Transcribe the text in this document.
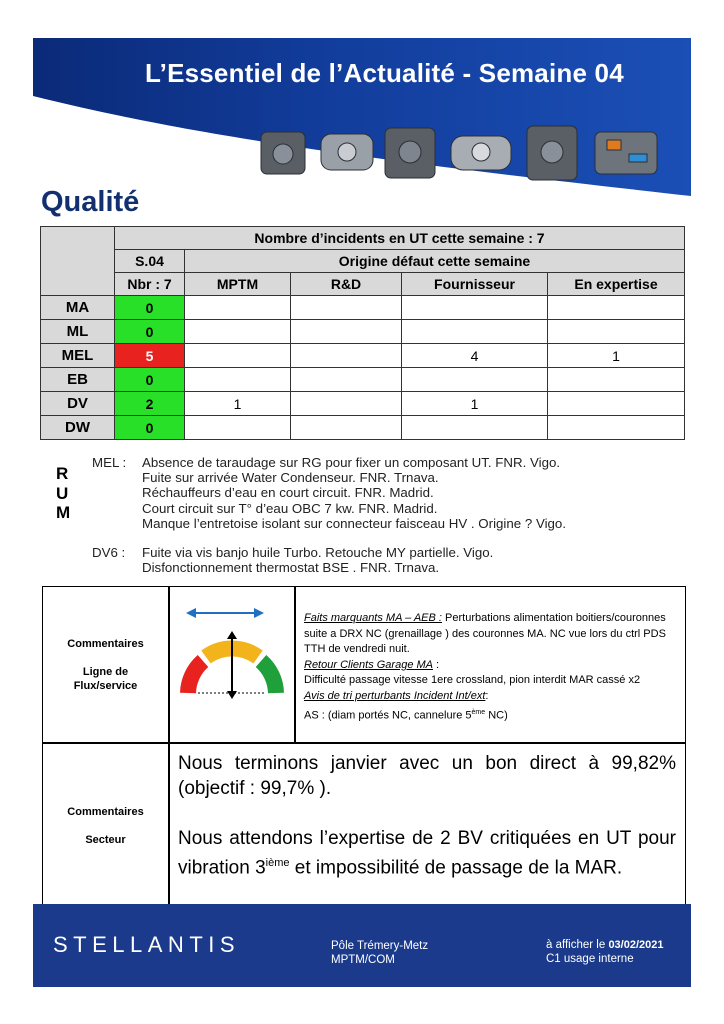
L’Essentiel de l’Actualité - Semaine 04
Qualité
	Nombre d’incidents en UT cette semaine : 7				
	S.04	Origine défaut cette semaine			
	Nbr : 7	MPTM	R&D	Fournisseur	En expertise
MA	0				
ML	0				
MEL	5			4	1
EB	0				
DV	2	1		1	
DW	0				
R
U
M
MEL : Absence de taraudage sur RG pour fixer un composant UT. FNR. Vigo.
Fuite sur arrivée Water Condenseur. FNR. Trnava.
Réchauffeurs d’eau en court circuit. FNR. Madrid.
Court circuit sur T° d’eau OBC 7 kw. FNR. Madrid.
Manque l’entretoise isolant sur connecteur faisceau HV . Origine ? Vigo.
DV6 : Fuite via vis banjo huile Turbo. Retouche MY partielle. Vigo.
Disfonctionnement thermostat BSE . FNR. Trnava.
Commentaires
Ligne de Flux/service
Faits marquants MA – AEB : Perturbations alimentation boitiers/couronnes suite a DRX NC (grenaillage ) des couronnes MA. NC vue lors du ctrl PDS TTH de vendredi nuit.
Retour Clients Garage MA :
Difficulté passage vitesse 1ere crossland, pion interdit MAR cassé x2
Avis de tri perturbants Incident Int/ext:
AS : (diam portés NC, cannelure 5ème NC)
Commentaires
Secteur

Nous terminons janvier avec un bon direct à 99,82% (objectif : 99,7% ).

Nous attendons l’expertise de 2 BV critiquées en UT pour vibration 3ième et impossibilité de passage de la MAR.

STELLANTIS	Pôle Trémery-Metz
MPTM/COM
à afficher le 03/02/2021
C1 usage interne
